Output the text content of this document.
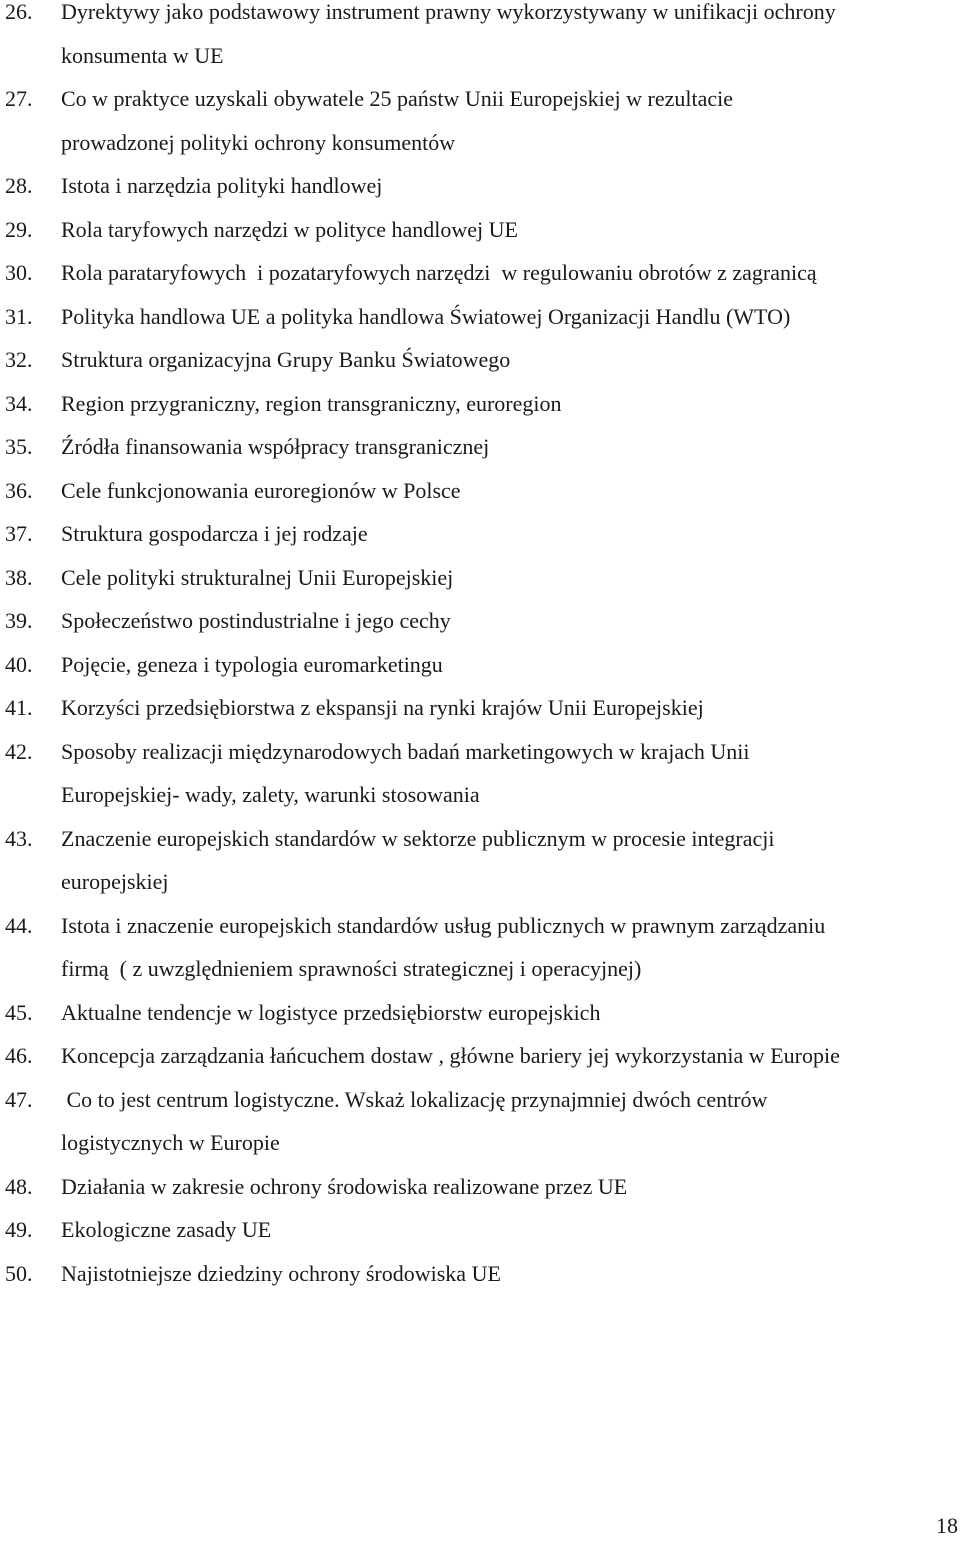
26. Dyrektywy jako podstawowy instrument prawny wykorzystywany w unifikacji ochrony
konsumenta w UE
27. Co w praktyce uzyskali obywatele 25 państw Unii Europejskiej w rezultacie
prowadzonej polityki ochrony konsumentów
28. Istota i narzędzia polityki handlowej
29. Rola taryfowych narzędzi w polityce handlowej UE
30. Rola parataryfowych  i pozataryfowych narzędzi  w regulowaniu obrotów z zagranicą
31. Polityka handlowa UE a polityka handlowa Światowej Organizacji Handlu (WTO)
32. Struktura organizacyjna Grupy Banku Światowego
34. Region przygraniczny, region transgraniczny, euroregion
35. Źródła finansowania współpracy transgranicznej
36. Cele funkcjonowania euroregionów w Polsce
37. Struktura gospodarcza i jej rodzaje
38. Cele polityki strukturalnej Unii Europejskiej
39. Społeczeństwo postindustrialne i jego cechy
40. Pojęcie, geneza i typologia euromarketingu
41. Korzyści przedsiębiorstwa z ekspansji na rynki krajów Unii Europejskiej
42. Sposoby realizacji międzynarodowych badań marketingowych w krajach Unii
Europejskiej- wady, zalety, warunki stosowania
43. Znaczenie europejskich standardów w sektorze publicznym w procesie integracji
europejskiej
44. Istota i znaczenie europejskich standardów usług publicznych w prawnym zarządzaniu
firmą  ( z uwzględnieniem sprawności strategicznej i operacyjnej)
45. Aktualne tendencje w logistyce przedsiębiorstw europejskich
46. Koncepcja zarządzania łańcuchem dostaw , główne bariery jej wykorzystania w Europie
47. Co to jest centrum logistyczne. Wskaż lokalizację przynajmniej dwóch centrów
logistycznych w Europie
48. Działania w zakresie ochrony środowiska realizowane przez UE
49. Ekologiczne zasady UE
50. Najistotniejsze dziedziny ochrony środowiska UE
18
